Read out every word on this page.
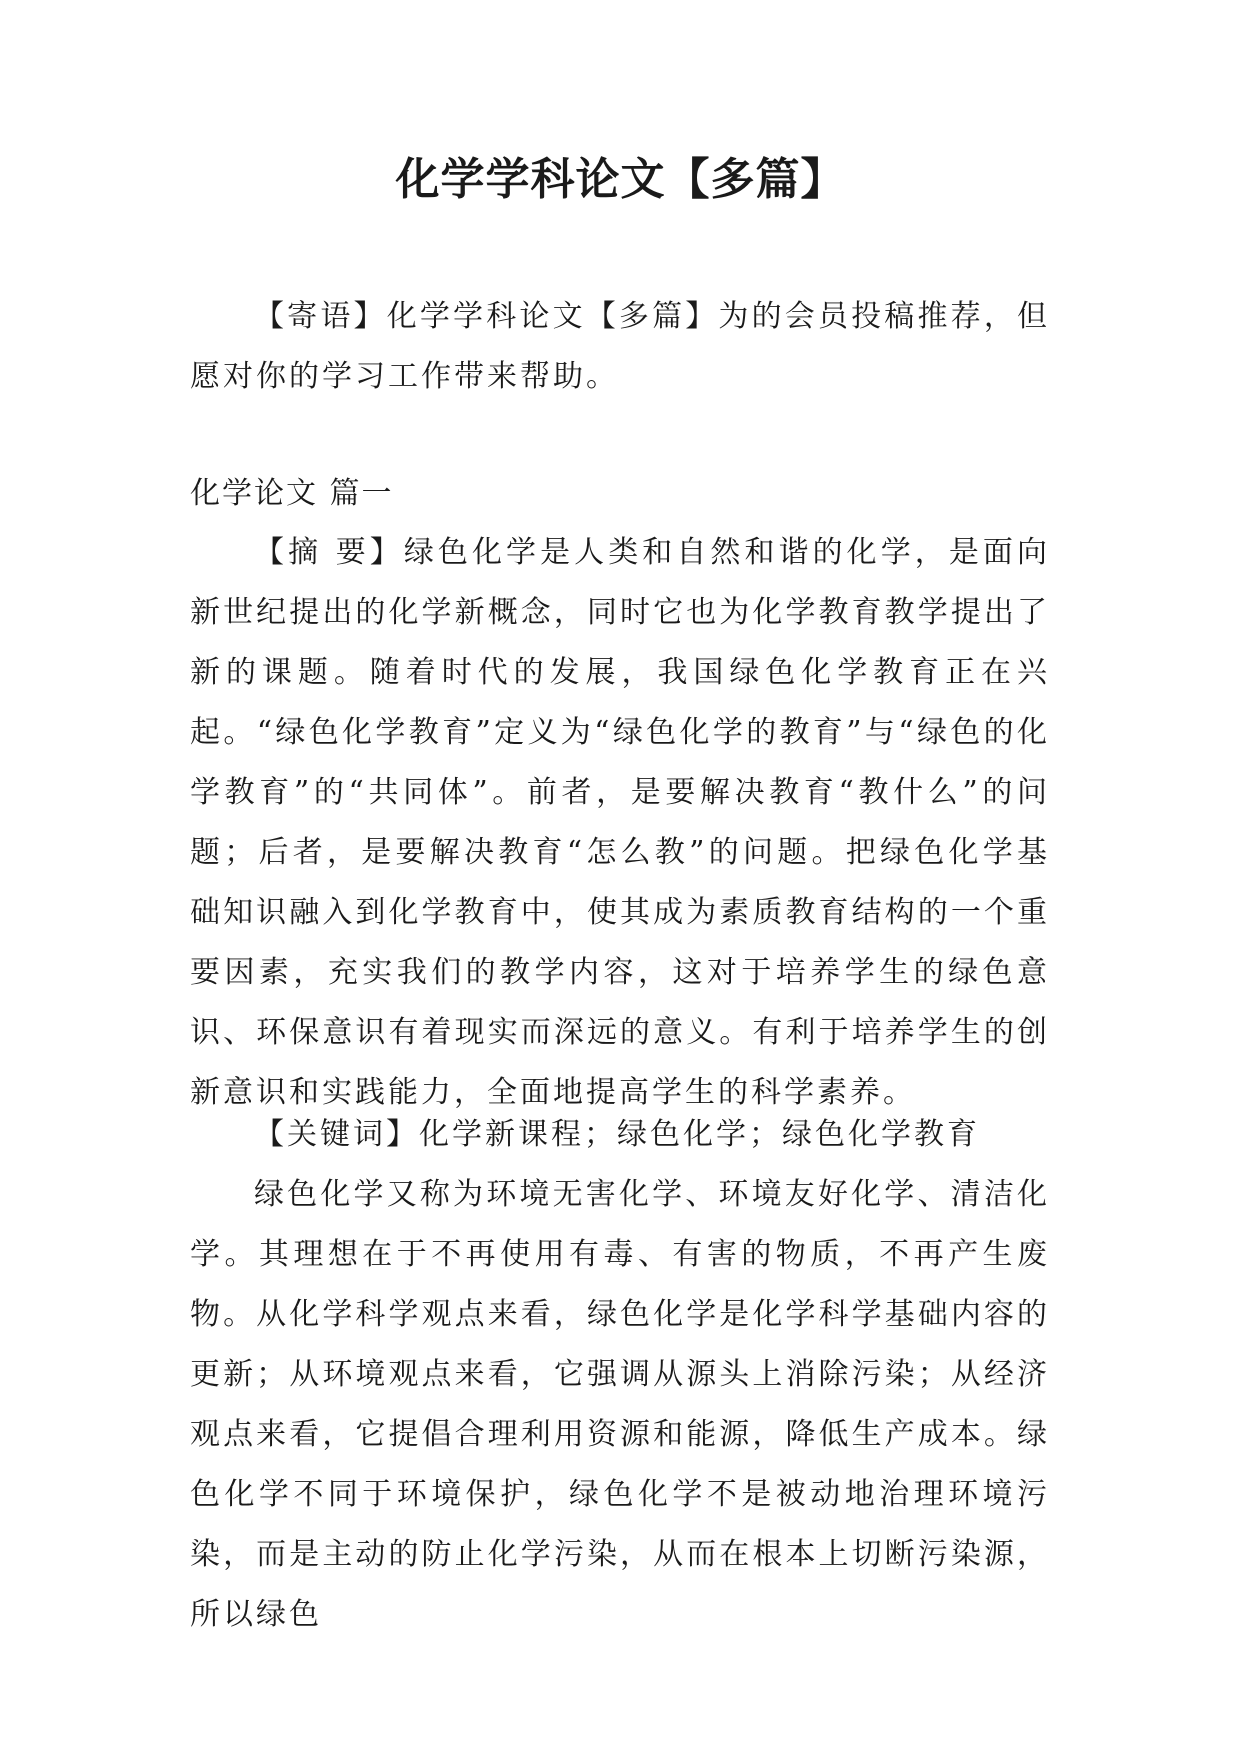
化学学科论文【多篇】

【寄语】化学学科论文【多篇】为的会员投稿推荐，但愿对你的学习工作带来帮助。

化学论文 篇一

【摘 要】绿色化学是人类和自然和谐的化学，是面向新世纪提出的化学新概念，同时它也为化学教育教学提出了新的课题。随着时代的发展，我国绿色化学教育正在兴起。“绿色化学教育”定义为“绿色化学的教育”与“绿色的化学教育”的“共同体”。前者，是要解决教育“教什么”的问题；后者，是要解决教育“怎么教”的问题。把绿色化学基础知识融入到化学教育中，使其成为素质教育结构的一个重要因素，充实我们的教学内容，这对于培养学生的绿色意识、环保意识有着现实而深远的意义。有利于培养学生的创新意识和实践能力，全面地提高学生的科学素养。

【关键词】化学新课程；绿色化学；绿色化学教育

绿色化学又称为环境无害化学、环境友好化学、清洁化学。其理想在于不再使用有毒、有害的物质，不再产生废物。从化学科学观点来看，绿色化学是化学科学基础内容的更新；从环境观点来看，它强调从源头上消除污染；从经济观点来看，它提倡合理利用资源和能源，降低生产成本。绿色化学不同于环境保护，绿色化学不是被动地治理环境污染，而是主动的防止化学污染，从而在根本上切断污染源，所以绿色
